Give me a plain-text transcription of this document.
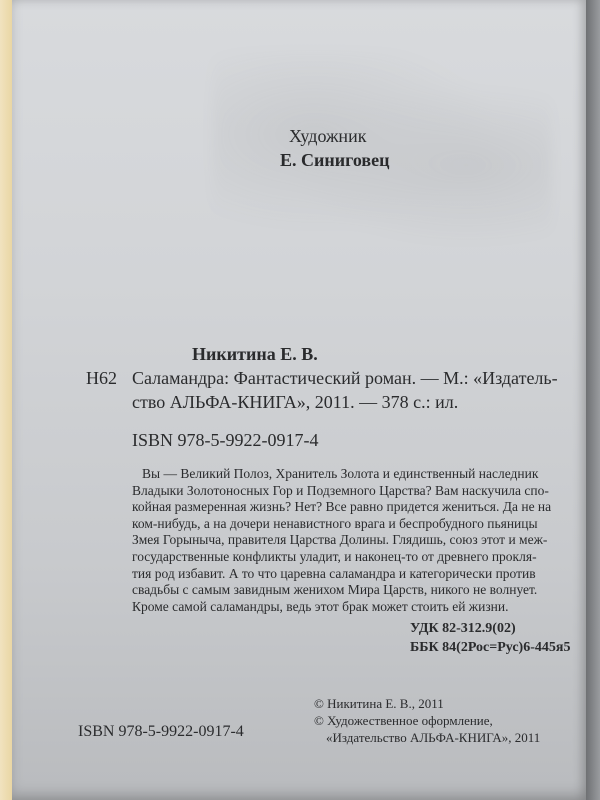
Художник
Е. Синиговец
Никитина Е. В.
Н62 Саламандра: Фантастический роман. — М.: «Издатель-
ство АЛЬФА-КНИГА», 2011. — 378 с.: ил.
ISBN 978-5-9922-0917-4
Вы — Великий Полоз, Хранитель Золота и единственный наследник
Владыки Золотоносных Гор и Подземного Царства? Вам наскучила спо-
койная размеренная жизнь? Нет? Все равно придется жениться. Да не на
ком-нибудь, а на дочери ненавистного врага и беспробудного пьяницы
Змея Горыныча, правителя Царства Долины. Глядишь, союз этот и меж-
государственные конфликты уладит, и наконец-то от древнего прокля-
тия род избавит. А то что царевна саламандра и категорически против
свадьбы с самым завидным женихом Мира Царств, никого не волнует.
Кроме самой саламандры, ведь этот брак может стоить ей жизни.
УДК 82-312.9(02)
ББК 84(2Рос=Рус)6-445я5
ISBN 978-5-9922-0917-4
© Никитина Е. В., 2011
© Художественное оформление,
«Издательство АЛЬФА-КНИГА», 2011
